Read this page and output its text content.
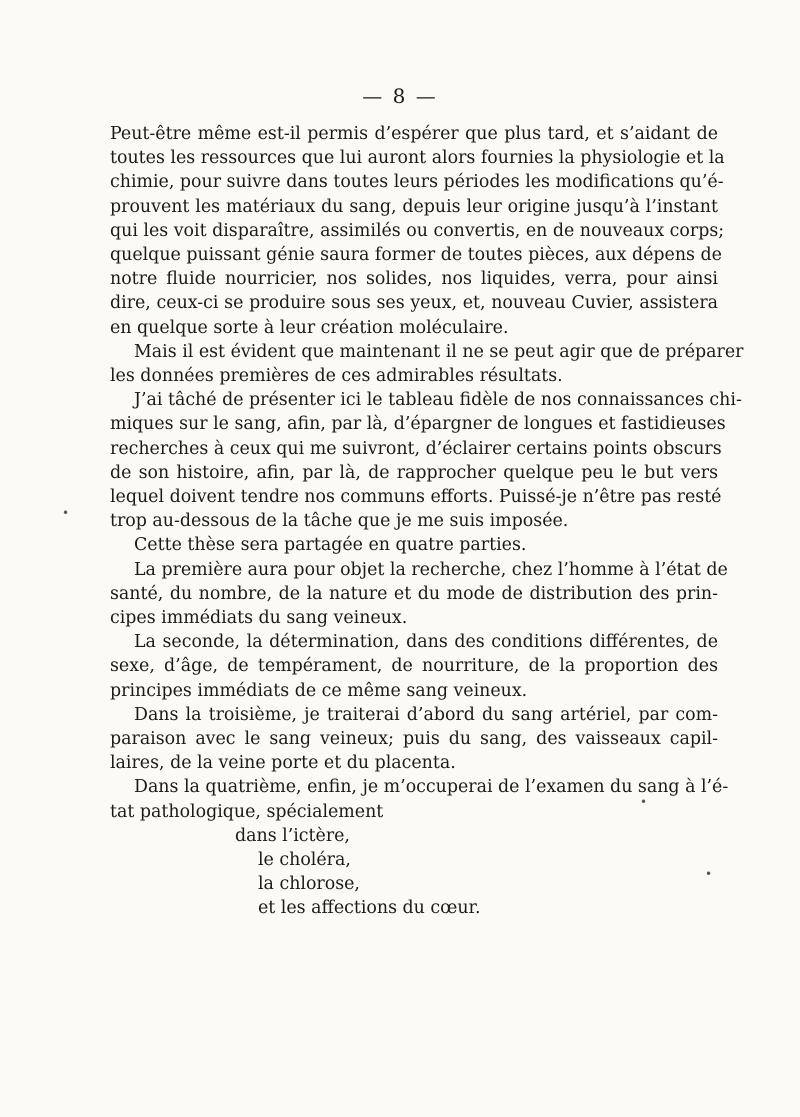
— 8 —
Peut-être même est-il permis d’espérer que plus tard, et s’aidant de
toutes les ressources que lui auront alors fournies la physiologie et la
chimie, pour suivre dans toutes leurs périodes les modifications qu’é-
prouvent les matériaux du sang, depuis leur origine jusqu’à l’instant
qui les voit disparaître, assimilés ou convertis, en de nouveaux corps;
quelque puissant génie saura former de toutes pièces, aux dépens de
notre fluide nourricier, nos solides, nos liquides, verra, pour ainsi
dire, ceux-ci se produire sous ses yeux, et, nouveau Cuvier, assistera
en quelque sorte à leur création moléculaire.
Mais il est évident que maintenant il ne se peut agir que de préparer
les données premières de ces admirables résultats.
J’ai tâché de présenter ici le tableau fidèle de nos connaissances chi-
miques sur le sang, afin, par là, d’épargner de longues et fastidieuses
recherches à ceux qui me suivront, d’éclairer certains points obscurs
de son histoire, afin, par là, de rapprocher quelque peu le but vers
lequel doivent tendre nos communs efforts. Puissé-je n’être pas resté
trop au-dessous de la tâche que je me suis imposée.
Cette thèse sera partagée en quatre parties.
La première aura pour objet la recherche, chez l’homme à l’état de
santé, du nombre, de la nature et du mode de distribution des prin-
cipes immédiats du sang veineux.
La seconde, la détermination, dans des conditions différentes, de
sexe, d’âge, de tempérament, de nourriture, de la proportion des
principes immédiats de ce même sang veineux.
Dans la troisième, je traiterai d’abord du sang artériel, par com-
paraison avec le sang veineux; puis du sang, des vaisseaux capil-
laires, de la veine porte et du placenta.
Dans la quatrième, enfin, je m’occuperai de l’examen du sang à l’é-
tat pathologique, spécialement
dans l’ictère,
le choléra,
la chlorose,
et les affections du cœur.
•
•
•
